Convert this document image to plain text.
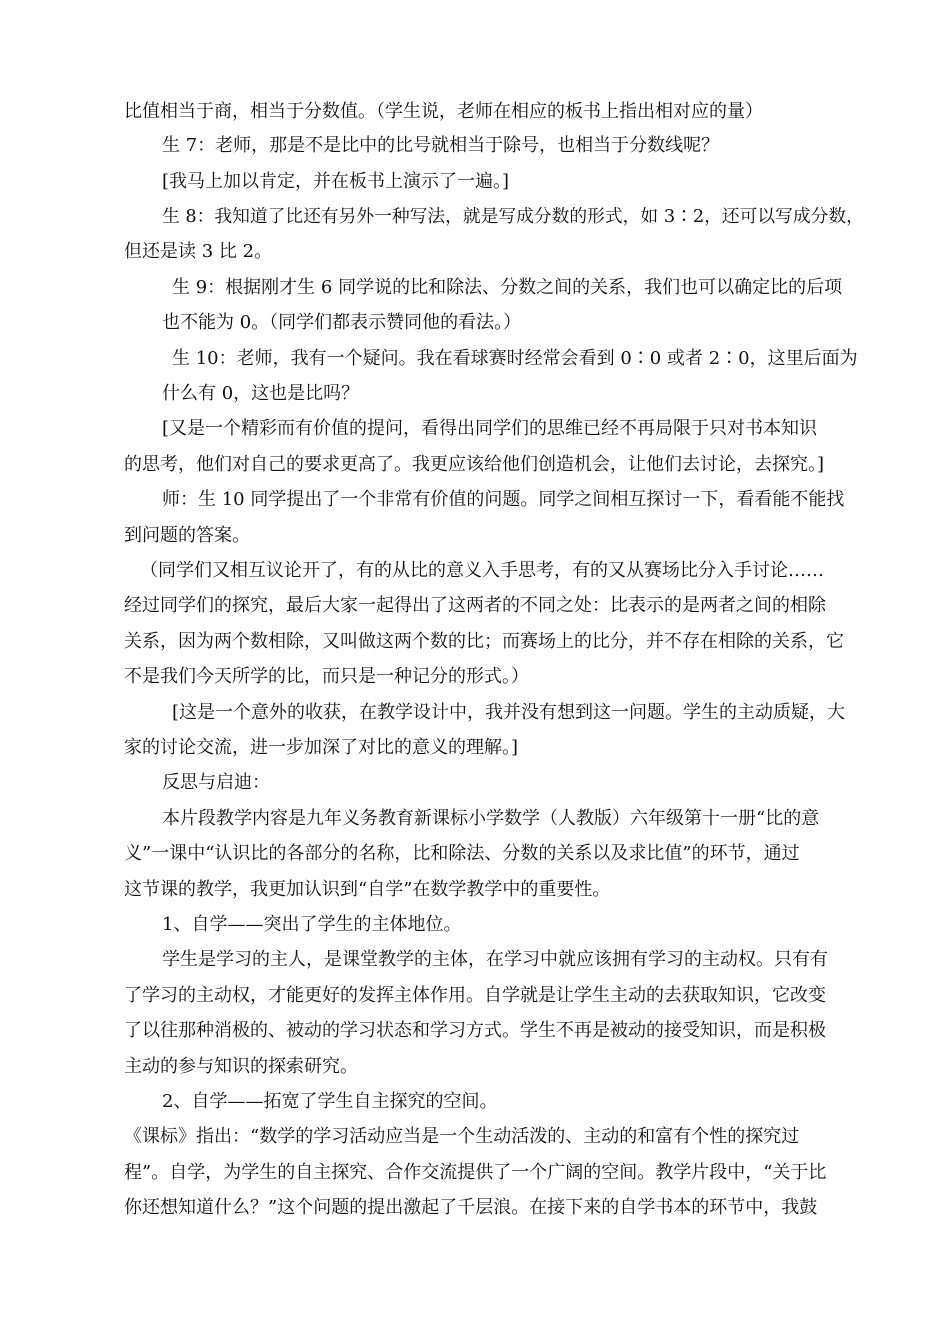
比值相当于商，相当于分数值。（学生说，老师在相应的板书上指出相对应的量）
生 7：老师，那是不是比中的比号就相当于除号，也相当于分数线呢？
[我马上加以肯定，并在板书上演示了一遍。]
生 8：我知道了比还有另外一种写法，就是写成分数的形式，如 3∶2，还可以写成分数，
但还是读 3 比 2。
生 9：根据刚才生 6 同学说的比和除法、分数之间的关系，我们也可以确定比的后项
也不能为 0。（同学们都表示赞同他的看法。）
生 10：老师，我有一个疑问。我在看球赛时经常会看到 0∶0 或者 2∶0，这里后面为
什么有 0，这也是比吗？
[又是一个精彩而有价值的提问，看得出同学们的思维已经不再局限于只对书本知识
的思考，他们对自己的要求更高了。我更应该给他们创造机会，让他们去讨论，去探究。]
师：生 10 同学提出了一个非常有价值的问题。同学之间相互探讨一下，看看能不能找
到问题的答案。
（同学们又相互议论开了，有的从比的意义入手思考，有的又从赛场比分入手讨论……
经过同学们的探究，最后大家一起得出了这两者的不同之处：比表示的是两者之间的相除
关系，因为两个数相除，又叫做这两个数的比；而赛场上的比分，并不存在相除的关系，它
不是我们今天所学的比，而只是一种记分的形式。）
[这是一个意外的收获，在教学设计中，我并没有想到这一问题。学生的主动质疑，大
家的讨论交流，进一步加深了对比的意义的理解。]
反思与启迪：
本片段教学内容是九年义务教育新课标小学数学（人教版）六年级第十一册“比的意
义”一课中“认识比的各部分的名称，比和除法、分数的关系以及求比值”的环节，通过
这节课的教学，我更加认识到“自学”在数学教学中的重要性。
1、自学——突出了学生的主体地位。
学生是学习的主人，是课堂教学的主体，在学习中就应该拥有学习的主动权。只有有
了学习的主动权，才能更好的发挥主体作用。自学就是让学生主动的去获取知识，它改变
了以往那种消极的、被动的学习状态和学习方式。学生不再是被动的接受知识，而是积极
主动的参与知识的探索研究。
2、自学——拓宽了学生自主探究的空间。
《课标》指出：“数学的学习活动应当是一个生动活泼的、主动的和富有个性的探究过
程”。自学，为学生的自主探究、合作交流提供了一个广阔的空间。教学片段中，“关于比
你还想知道什么？”这个问题的提出激起了千层浪。在接下来的自学书本的环节中，我鼓
